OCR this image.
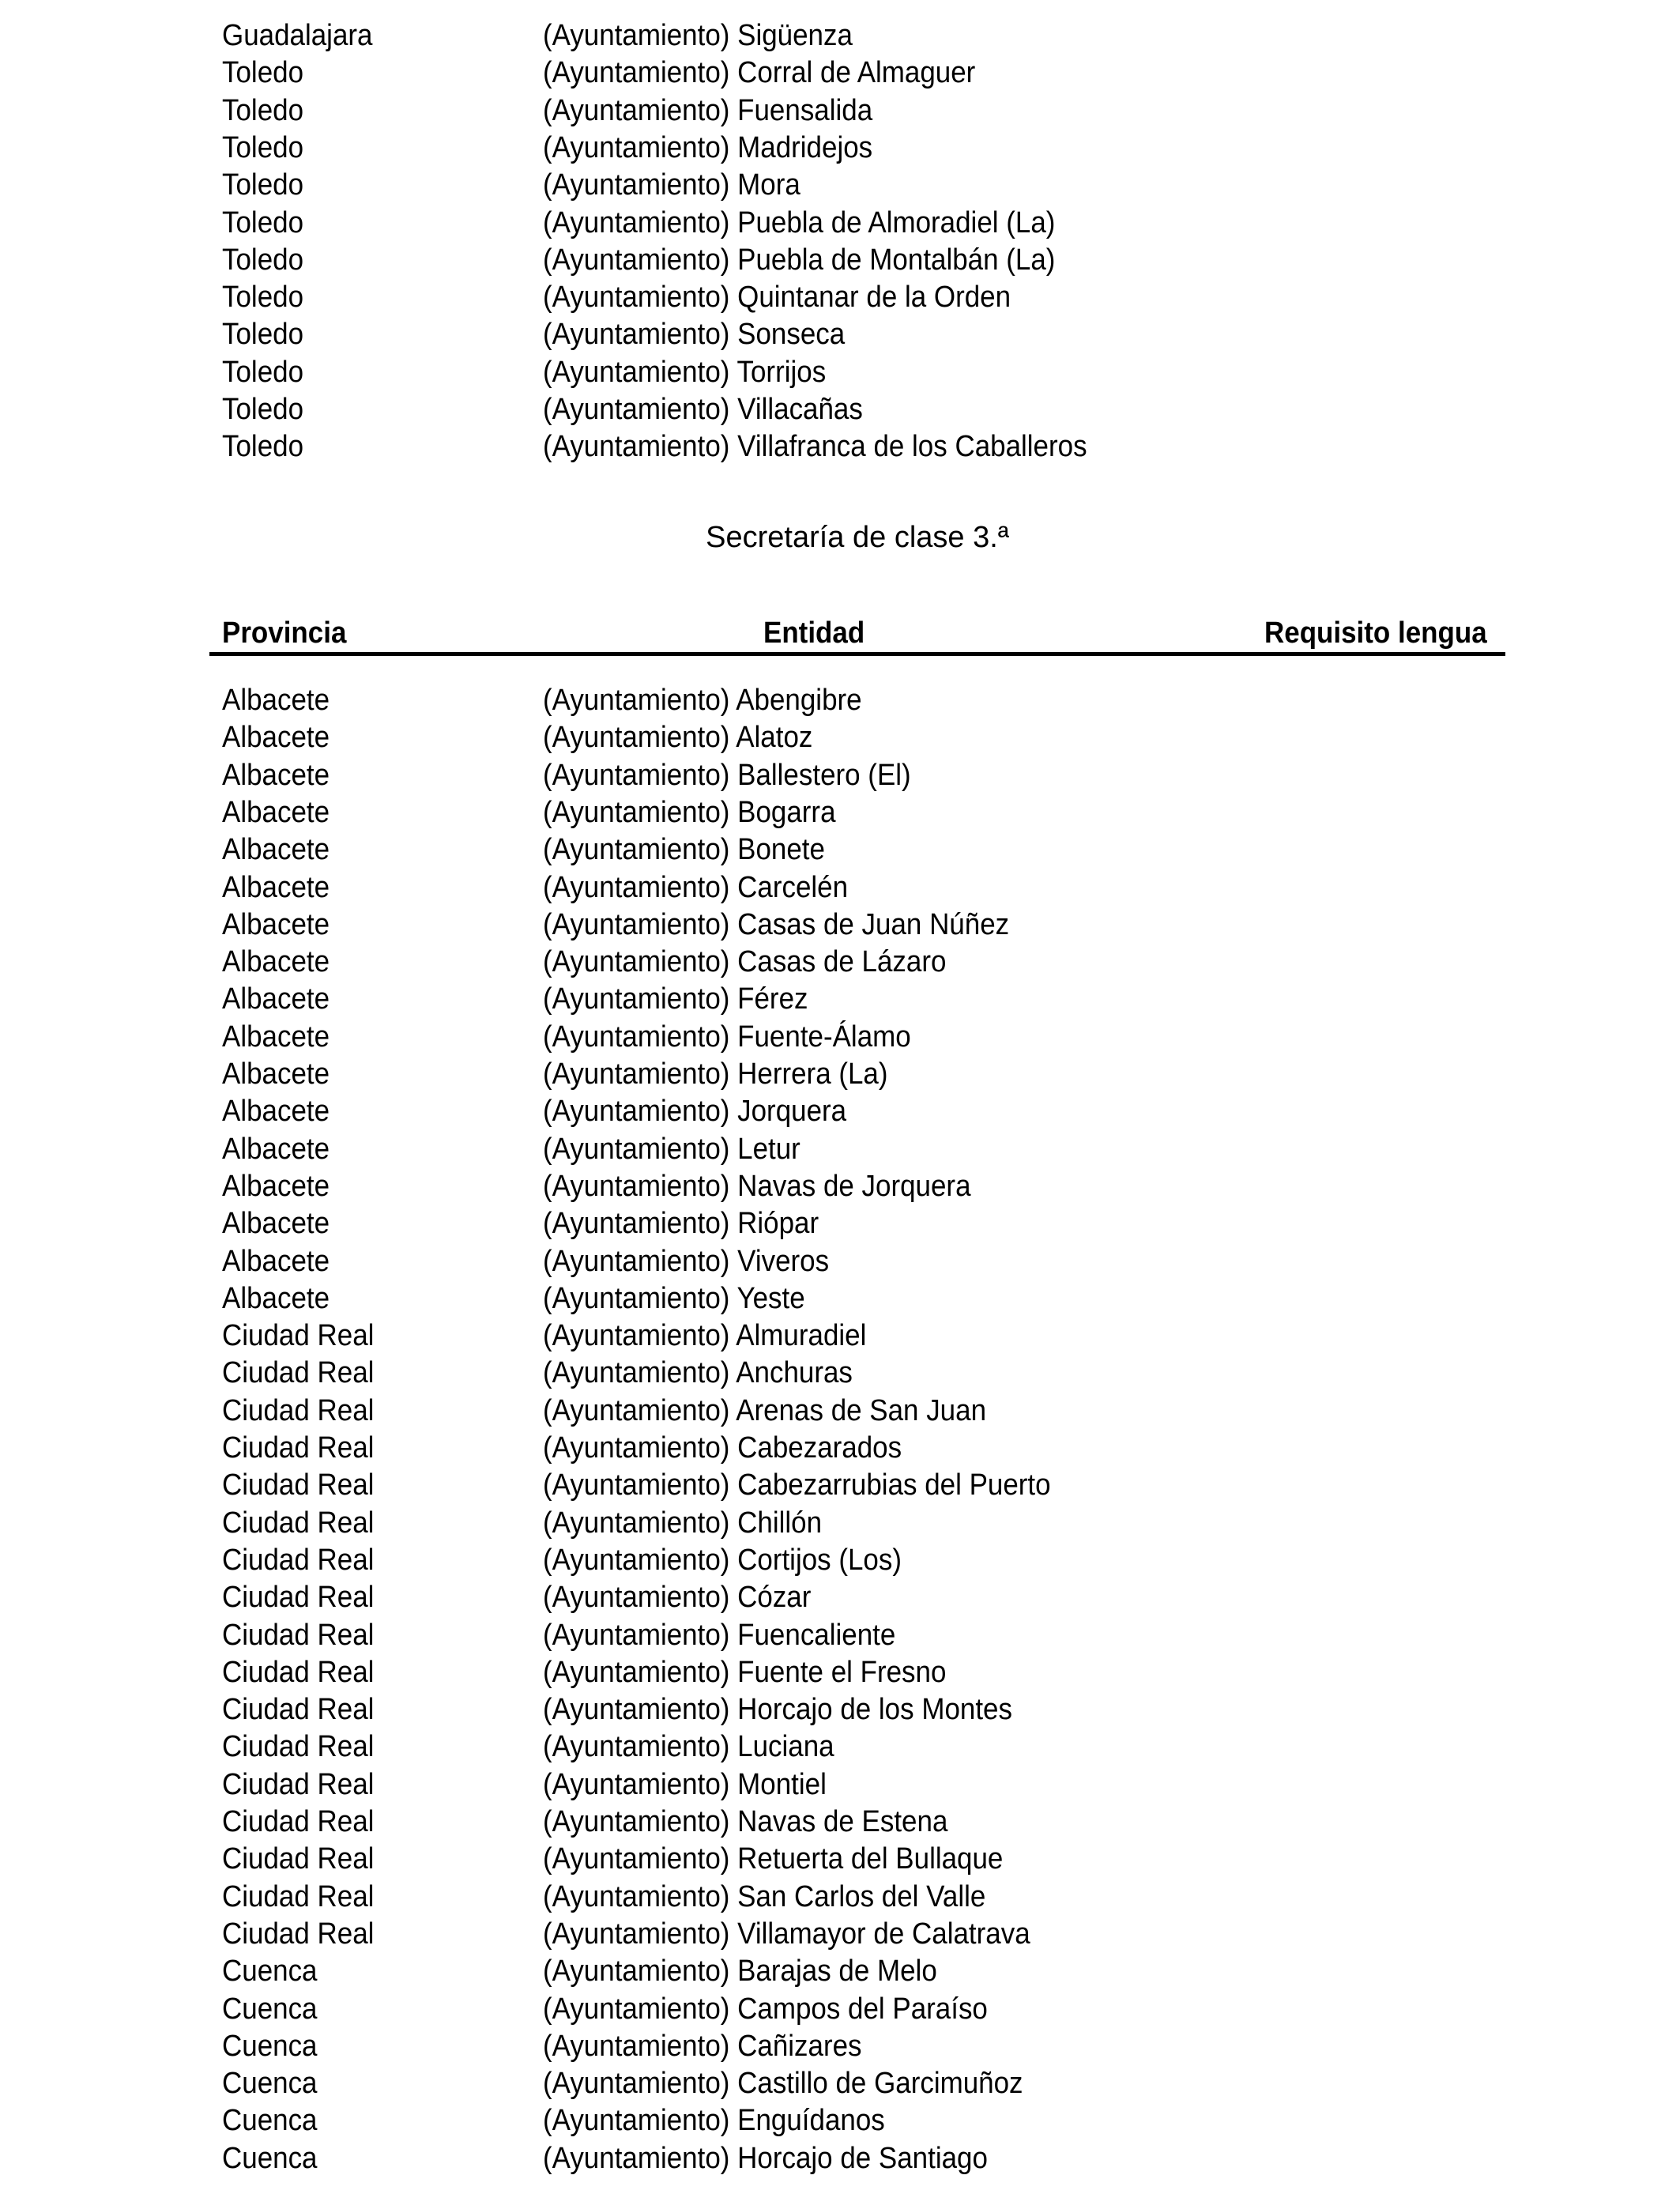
Guadalajara	(Ayuntamiento) Sigüenza
Toledo	(Ayuntamiento) Corral de Almaguer
Toledo	(Ayuntamiento) Fuensalida
Toledo	(Ayuntamiento) Madridejos
Toledo	(Ayuntamiento) Mora
Toledo	(Ayuntamiento) Puebla de Almoradiel (La)
Toledo	(Ayuntamiento) Puebla de Montalbán (La)
Toledo	(Ayuntamiento) Quintanar de la Orden
Toledo	(Ayuntamiento) Sonseca
Toledo	(Ayuntamiento) Torrijos
Toledo	(Ayuntamiento) Villacañas
Toledo	(Ayuntamiento) Villafranca de los Caballeros
Secretaría de clase 3.ª
Provincia	Entidad	Requisito lengua
Albacete	(Ayuntamiento) Abengibre
Albacete	(Ayuntamiento) Alatoz
Albacete	(Ayuntamiento) Ballestero (El)
Albacete	(Ayuntamiento) Bogarra
Albacete	(Ayuntamiento) Bonete
Albacete	(Ayuntamiento) Carcelén
Albacete	(Ayuntamiento) Casas de Juan Núñez
Albacete	(Ayuntamiento) Casas de Lázaro
Albacete	(Ayuntamiento) Férez
Albacete	(Ayuntamiento) Fuente-Álamo
Albacete	(Ayuntamiento) Herrera (La)
Albacete	(Ayuntamiento) Jorquera
Albacete	(Ayuntamiento) Letur
Albacete	(Ayuntamiento) Navas de Jorquera
Albacete	(Ayuntamiento) Riópar
Albacete	(Ayuntamiento) Viveros
Albacete	(Ayuntamiento) Yeste
Ciudad Real	(Ayuntamiento) Almuradiel
Ciudad Real	(Ayuntamiento) Anchuras
Ciudad Real	(Ayuntamiento) Arenas de San Juan
Ciudad Real	(Ayuntamiento) Cabezarados
Ciudad Real	(Ayuntamiento) Cabezarrubias del Puerto
Ciudad Real	(Ayuntamiento) Chillón
Ciudad Real	(Ayuntamiento) Cortijos (Los)
Ciudad Real	(Ayuntamiento) Cózar
Ciudad Real	(Ayuntamiento) Fuencaliente
Ciudad Real	(Ayuntamiento) Fuente el Fresno
Ciudad Real	(Ayuntamiento) Horcajo de los Montes
Ciudad Real	(Ayuntamiento) Luciana
Ciudad Real	(Ayuntamiento) Montiel
Ciudad Real	(Ayuntamiento) Navas de Estena
Ciudad Real	(Ayuntamiento) Retuerta del Bullaque
Ciudad Real	(Ayuntamiento) San Carlos del Valle
Ciudad Real	(Ayuntamiento) Villamayor de Calatrava
Cuenca	(Ayuntamiento) Barajas de Melo
Cuenca	(Ayuntamiento) Campos del Paraíso
Cuenca	(Ayuntamiento) Cañizares
Cuenca	(Ayuntamiento) Castillo de Garcimuñoz
Cuenca	(Ayuntamiento) Enguídanos
Cuenca	(Ayuntamiento) Horcajo de Santiago
